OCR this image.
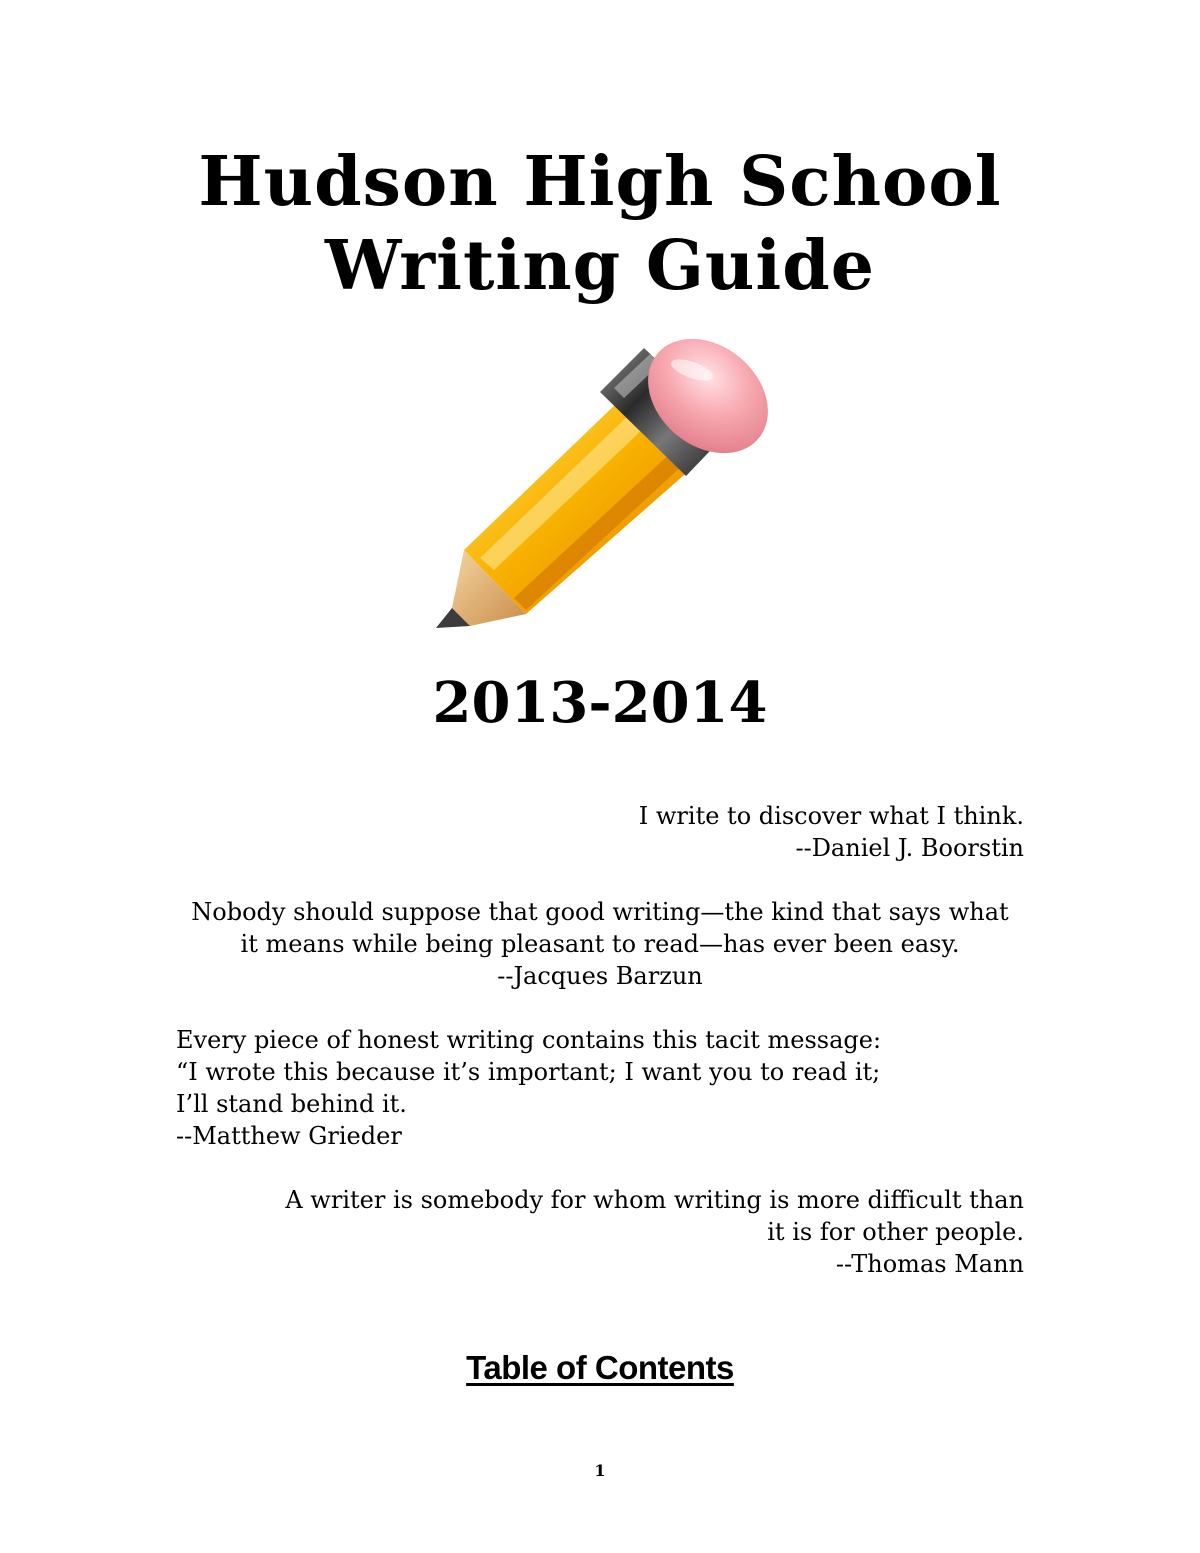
Hudson High School
Writing Guide
2013-2014

I write to discover what I think.

--Daniel J. Boorstin

Nobody should suppose that good writing—the kind that says what it means while being pleasant to read—has ever been easy.

--Jacques Barzun

Every piece of honest writing contains this tacit message:

“I wrote this because it’s important; I want you to read it;

I’ll stand behind it.

--Matthew Grieder

A writer is somebody for whom writing is more difficult than

it is for other people.

--Thomas Mann

Table of Contents
1
